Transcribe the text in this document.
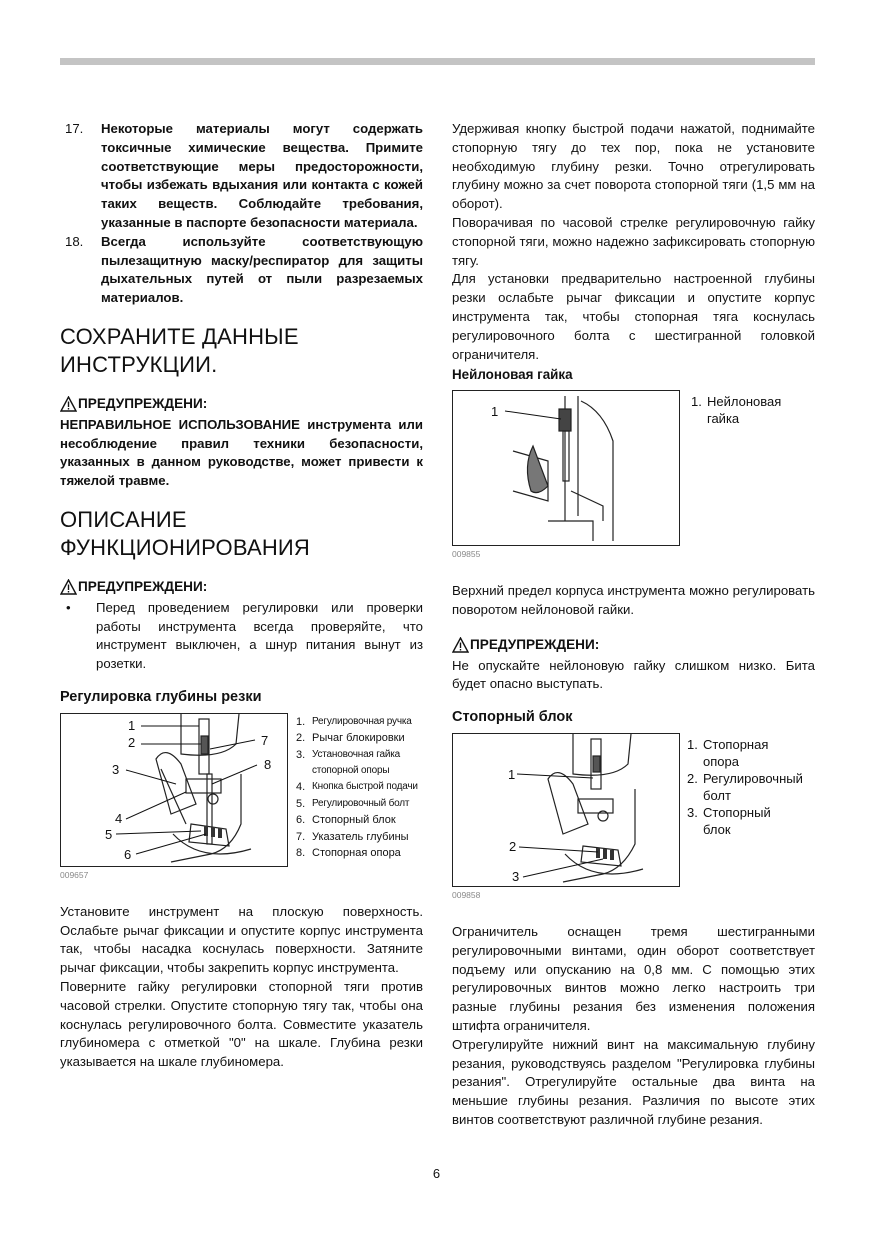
17.	Некоторые материалы могут содержать токсичные химические вещества. Примите соответствующие меры предосторожности, чтобы избежать вдыхания или контакта с кожей таких веществ. Соблюдайте требования, указанные в паспорте безопасности материала.
18.	Всегда используйте соответствующую пылезащитную маску/респиратор для защиты дыхательных путей от пыли разрезаемых материалов.
СОХРАНИТЕ ДАННЫЕ ИНСТРУКЦИИ.
ПРЕДУПРЕЖДЕНИ:

НЕПРАВИЛЬНОЕ ИСПОЛЬЗОВАНИЕ инструмента или несоблюдение правил техники безопасности, указанных в данном руководстве, может привести к тяжелой травме.

ОПИСАНИЕ ФУНКЦИОНИРОВАНИЯ
ПРЕДУПРЕЖДЕНИ:
•	Перед проведением регулировки или проверки работы инструмента всегда проверяйте, что инструмент выключен, а шнур питания вынут из розетки.
Регулировка глубины резки
1
2
3
4
5
6
7
8
009657
1. Регулировочная ручка
2. Рычаг блокировки
3. Установочная гайка
стопорной опоры
4. Кнопка быстрой подачи
5. Регулировочный болт
6. Стопорный блок
7. Указатель глубины
8. Стопорная опора

Установите инструмент на плоскую поверхность. Ослабьте рычаг фиксации и опустите корпус инструмента так, чтобы насадка коснулась поверхности. Затяните рычаг фиксации, чтобы закрепить корпус инструмента.

Поверните гайку регулировки стопорной тяги против часовой стрелки. Опустите стопорную тягу так, чтобы она коснулась регулировочного болта. Совместите указатель глубиномера с отметкой "0" на шкале. Глубина резки указывается на шкале глубиномера.

Удерживая кнопку быстрой подачи нажатой, поднимайте стопорную тягу до тех пор, пока не установите необходимую глубину резки. Точно отрегулировать глубину можно за счет поворота стопорной тяги (1,5 мм на оборот).

Поворачивая по часовой стрелке регулировочную гайку стопорной тяги, можно надежно зафиксировать стопорную тягу.

Для установки предварительно настроенной глубины резки ослабьте рычаг фиксации и опустите корпус инструмента так, чтобы стопорная тяга коснулась регулировочного болта с шестигранной головкой ограничителя.

Нейлоновая гайка
1
009855
1. Нейлоновая
гайка

Верхний предел корпуса инструмента можно регулировать поворотом нейлоновой гайки.

ПРЕДУПРЕЖДЕНИ:

Не опускайте нейлоновую гайку слишком низко. Бита будет опасно выступать.

Стопорный блок
1
2
3
009858
1. Стопорная
опора
2. Регулировочный
болт
3. Стопорный
блок

Ограничитель оснащен тремя шестигранными регулировочными винтами, один оборот соответствует подъему или опусканию на 0,8 мм. С помощью этих регулировочных винтов можно легко настроить три разные глубины резания без изменения положения штифта ограничителя.

Отрегулируйте нижний винт на максимальную глубину резания, руководствуясь разделом "Регулировка глубины резания". Отрегулируйте остальные два винта на меньшие глубины резания. Различия по высоте этих винтов соответствуют различной глубине резания.

6
